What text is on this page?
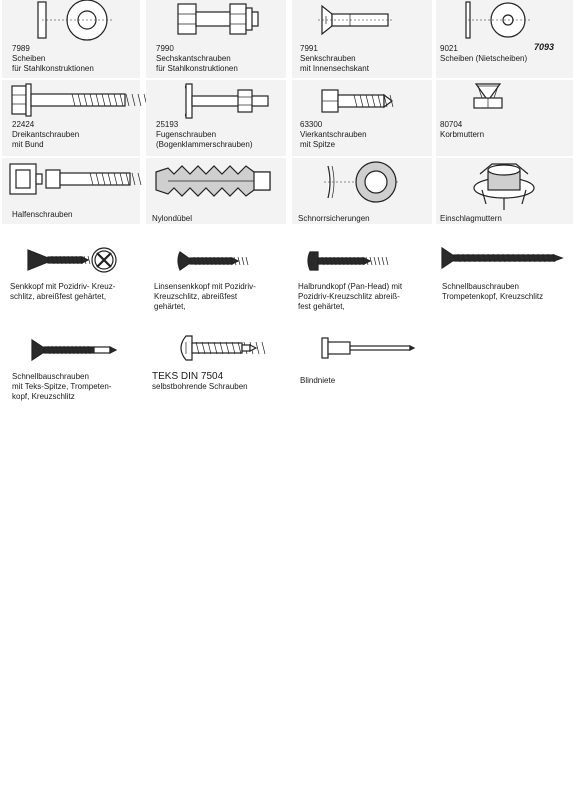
7989
Scheiben
für Stahlkonstruktionen
7990
Sechskantschrauben
für Stahlkonstruktionen
7991
Senkschrauben
mit Innensechskant
7093
9021
Scheiben (Nietscheiben)
22424
Dreikantschrauben
mit Bund
25193
Fugenschrauben
(Bogenklammerschrauben)
63300
Vierkantschrauben
mit Spitze
80704
Korbmuttern
Halfenschrauben	Nylondübel	Schnorrsicherungen	Einschlagmuttern
Senkkopf mit Pozidriv- Kreuz-
schlitz, abreißfest gehärtet,
Linsensenkkopf mit Pozidriv-
Kreuzschlitz, abreißfest
gehärtet,
Halbrundkopf (Pan-Head) mit
Pozidriv-Kreuzschlitz abreiß-
fest gehärtet,
Schnellbauschrauben
Trompetenkopf, Kreuzschlitz
Schnellbauschrauben
mit Teks-Spitze, Trompeten-
kopf, Kreuzschlitz
TEKS DIN 7504
selbstbohrende Schrauben
Blindniete
